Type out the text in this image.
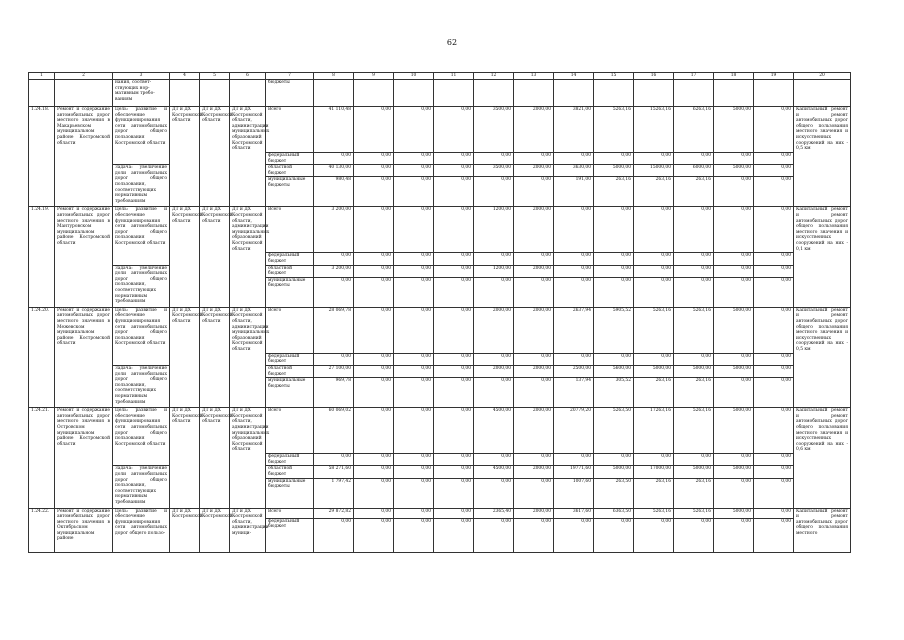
62
1	2	3	4	5	6	7	8	9	10	11	12	13	14	15	16	17	18	19	20
		нания, соответ-
ствующих нор-
мативным требо-
ваниям				бюджеты													
1.24.18.	Ремонт и содержание автомобильных дорог местного значения в Макарьевском муниципальном районе Костромской области	Цель: развитие и обеспечение функционирования сети автомобильных дорог общего пользования Костромской области	ДТ и ДХ Костромской области	ДТ и ДХ Костромской области	ДТ и ДХ Костромской области, администрации муниципальных образований Костромской области	Всего	41 110,48	0,00	0,00	0,00	3500,00	2000,00	3821,00	5263,16	15263,16	6263,16	5000,00	0,00	Капитальный ремонт и ремонт автомобильных дорог общего пользования местного значения и искусственных сооружений на них - 0,5 км
						федеральный бюджет	0,00	0,00	0,00	0,00	0,00	0,00	0,00	0,00	0,00	0,00	0,00	0,00	
		Задача: увеличение доли автомобильных дорог общего пользования, соответствующих нормативным требованиям				областной бюджет	40 130,00	0,00	0,00	0,00	3500,00	2000,00	3630,00	5000,00	15000,00	6000,00	5000,00	0,00	
						муниципальные бюджеты	980,48	0,00	0,00	0,00	0,00	0,00	191,00	263,16	263,16	263,16	0,00	0,00	
1.24.19.	Ремонт и содержание автомобильных дорог местного значения в Мантуровском муниципальном районе Костромской области	Цель: развитие и обеспечение функционирования сети автомобильных дорог общего пользования Костромской области	ДТ и ДХ Костромской области	ДТ и ДХ Костромской области	ДТ и ДХ Костромской области, администрации муниципальных образований Костромской области	Всего	3 200,00	0,00	0,00	0,00	1200,00	2000,00	0,00	0,00	0,00	0,00	0,00	0,00	Капитальный ремонт и ремонт автомобильных дорог общего пользования местного значения и искусственных сооружений на них - 0,1 км
						федеральный бюджет	0,00	0,00	0,00	0,00	0,00	0,00	0,00	0,00	0,00	0,00	0,00	0,00	
		Задача: увеличение доли автомобильных дорог общего пользования, соответствующих нормативным требованиям				областной бюджет	3 200,00	0,00	0,00	0,00	1200,00	2000,00	0,00	0,00	0,00	0,00	0,00	0,00	
						муниципальные бюджеты	0,00	0,00	0,00	0,00	0,00	0,00	0,00	0,00	0,00	0,00	0,00	0,00	
1.24.20.	Ремонт и содержание автомобильных дорог местного значения в Межевском муниципальном районе Костромской области	Цель: развитие и обеспечение функционирования сети автомобильных дорог общего пользования Костромской области	ДТ и ДХ Костромской области	ДТ и ДХ Костромской области	ДТ и ДХ Костромской области, администрации муниципальных образований Костромской области	Всего	28 069,78	0,00	0,00	0,00	2000,00	2000,00	2637,94	5905,52	5263,16	5263,16	5000,00	0,00	Капитальный ремонт и ремонт автомобильных дорог общего пользования местного значения и искусственных сооружений на них - 0,5 км
						федеральный бюджет	0,00	0,00	0,00	0,00	0,00	0,00	0,00	0,00	0,00	0,00	0,00	0,00	
		Задача: увеличение доли автомобильных дорог общего пользования, соответствующих нормативным требованиям				областной бюджет	27 100,00	0,00	0,00	0,00	2000,00	2000,00	2500,00	5600,00	5000,00	5000,00	5000,00	0,00	
						муниципальные бюджеты	969,78	0,00	0,00	0,00	0,00	0,00	137,94	305,52	263,16	263,16	0,00	0,00	
1.24.21.	Ремонт и содержание автомобильных дорог местного значения в Островском муниципальном районе Костромской области	Цель: развитие и обеспечение функционирования сети автомобильных дорог общего пользования Костромской области	ДТ и ДХ Костромской области	ДТ и ДХ Костромской области	ДТ и ДХ Костромской области, администрации муниципальных образований Костромской области	Всего	60 069,02	0,00	0,00	0,00	4500,00	2000,00	20779,20	5263,50	17263,16	5263,16	5000,00	0,00	Капитальный ремонт и ремонт автомобильных дорог общего пользования местного значения и искусственных сооружений на них - 0,6 км
						федеральный бюджет	0,00	0,00	0,00	0,00	0,00	0,00	0,00	0,00	0,00	0,00	0,00	0,00	
		Задача: увеличение доли автомобильных дорог общего пользования, соответствующих нормативным требованиям				областной бюджет	58 271,60	0,00	0,00	0,00	4500,00	2000,00	19771,60	5000,00	17000,00	5000,00	5000,00	0,00	
						муниципальные бюджеты	1 797,42	0,00	0,00	0,00	0,00	0,00	1007,60	263,50	263,16	263,16	0,00	0,00	
1.24.22.	Ремонт и содержание автомобильных дорог местного значения в Октябрьском муниципальном районе	Цель: развитие и обеспечение функционирования сети автомобильных дорог общего пользо-	ДТ и ДХ Костромской	ДТ и ДХ Костромской	ДТ и ДХ Костромской области, администрации муници-	Всего	29 872,82	0,00	0,00	0,00	2365,40	2000,00	3617,60	6363,50	5263,16	5263,16	5000,00	0,00	Капитальный ремонт и ремонт автомобильных дорог общего пользования местного
						федеральный бюджет	0,00	0,00	0,00	0,00	0,00	0,00	0,00	0,00	0,00	0,00	0,00	0,00	
